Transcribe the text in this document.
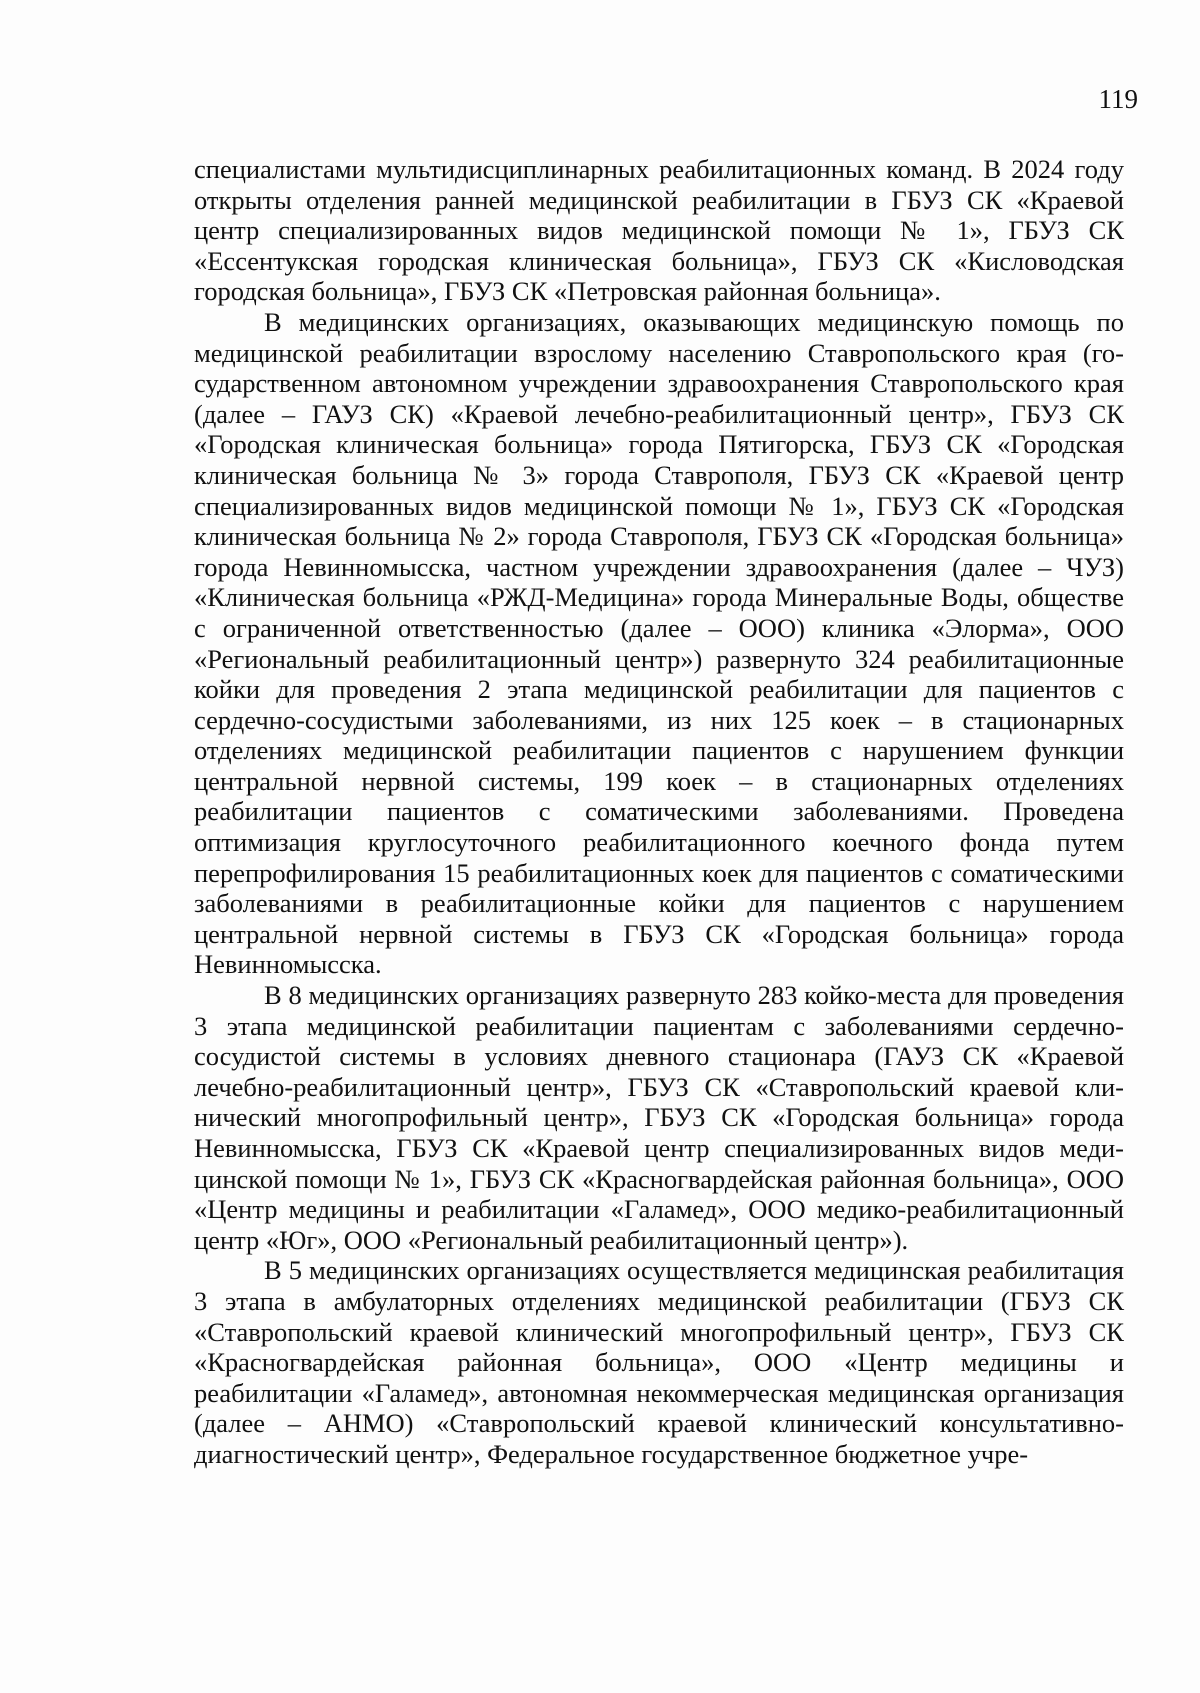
119

специалистами мультидисциплинарных реабилитационных команд. В 2024 году открыты отделения ранней медицинской реабилитации в ГБУЗ СК «Краевой центр специализированных видов медицинской помощи № 1», ГБУЗ СК «Ессентукская городская клиническая больница», ГБУЗ СК «Кисловодская городская больница», ГБУЗ СК «Петровская районная больница».

В медицинских организациях, оказывающих медицинскую помощь по медицинской реабилитации взрослому населению Ставропольского края (государственном автономном учреждении здравоохранения Ставропольского края (далее – ГАУЗ СК) «Краевой лечебно-реабилитационный центр», ГБУЗ СК «Городская клиническая больница» города Пятигорска, ГБУЗ СК «Городская клиническая больница № 3» города Ставрополя, ГБУЗ СК «Краевой центр специализированных видов медицинской помощи № 1», ГБУЗ СК «Городская клиническая больница № 2» города Ставрополя, ГБУЗ СК «Городская больница» города Невинномысска, частном учреждении здравоохранения (далее – ЧУЗ) «Клиническая больница «РЖД-Медицина» города Минеральные Воды, обществе с ограниченной ответственностью (далее – ООО) клиника «Элорма», ООО «Региональный реабилитационный центр») развернуто 324 реабилитационные койки для проведения 2 этапа медицинской реабилитации для пациентов с сердечно-сосудистыми заболеваниями, из них 125 коек – в стационарных отделениях медицинской реабилитации пациентов с нарушением функции центральной нервной системы, 199 коек – в стационарных отделениях реабилитации пациентов с соматическими заболеваниями. Проведена оптимизация круглосуточного реабилитационного коечного фонда путем перепрофилирования 15 реабилитационных коек для пациентов с соматическими заболеваниями в реабилитационные койки для пациентов с нарушением центральной нервной системы в ГБУЗ СК «Городская больница» города Невинномысска.

В 8 медицинских организациях развернуто 283 койко-места для проведения 3 этапа медицинской реабилитации пациентам с заболеваниями сердечно-сосудистой системы в условиях дневного стационара (ГАУЗ СК «Краевой лечебно-реабилитационный центр», ГБУЗ СК «Ставропольский краевой клинический многопрофильный центр», ГБУЗ СК «Городская больница» города Невинномысска, ГБУЗ СК «Краевой центр специализированных видов медицинской помощи № 1», ГБУЗ СК «Красногвардейская районная больница», ООО «Центр медицины и реабилитации «Галамед», ООО медико-реабилитационный центр «Юг», ООО «Региональный реабилитационный центр»).

В 5 медицинских организациях осуществляется медицинская реабилитация 3 этапа в амбулаторных отделениях медицинской реабилитации (ГБУЗ СК «Ставропольский краевой клинический многопрофильный центр», ГБУЗ СК «Красногвардейская районная больница», ООО «Центр медицины и реабилитации «Галамед», автономная некоммерческая медицинская организация (далее – АНМО) «Ставропольский краевой клинический консультативно-диагностический центр», Федеральное государственное бюджетное учре-
